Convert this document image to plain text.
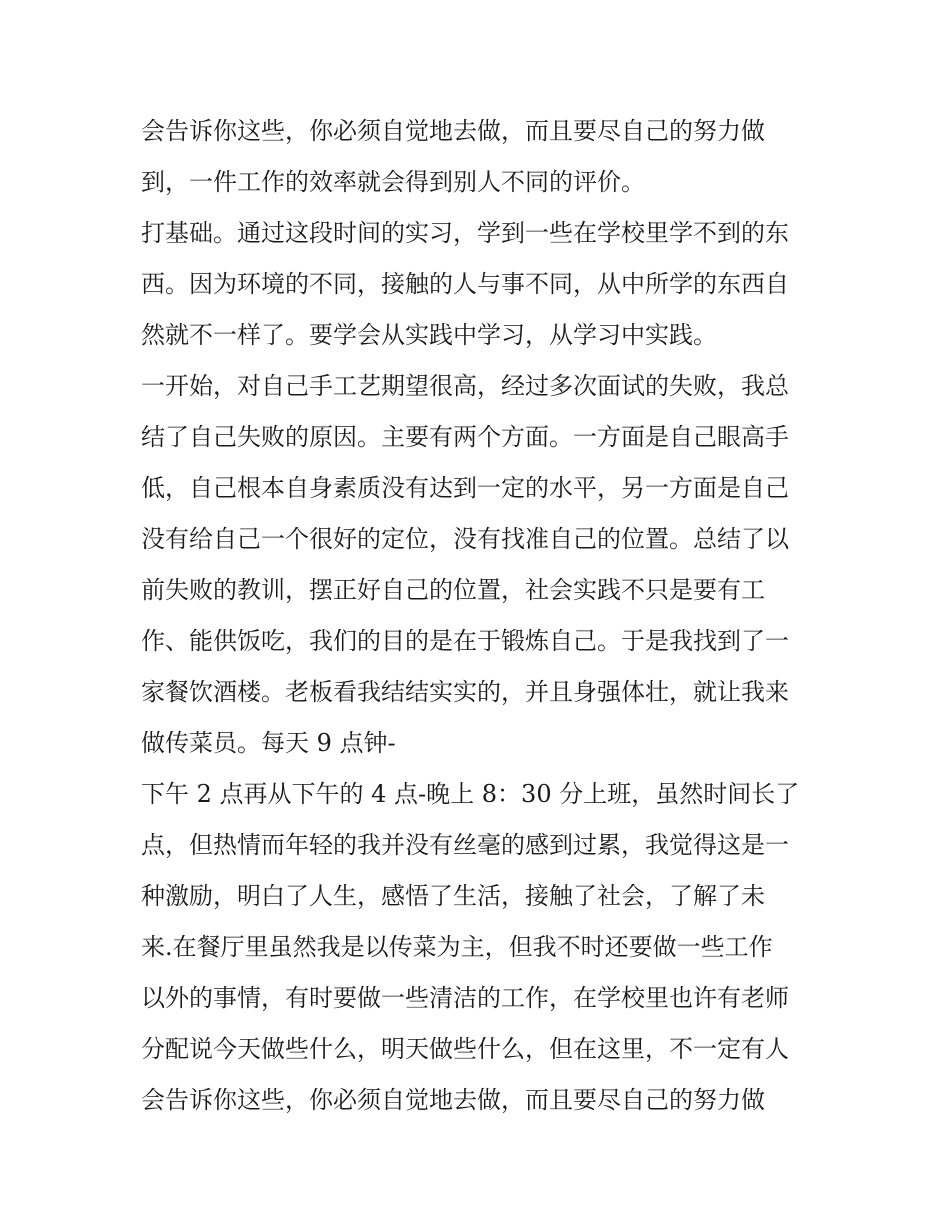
会告诉你这些，你必须自觉地去做，而且要尽自己的努力做
到，一件工作的效率就会得到别人不同的评价。
打基础。通过这段时间的实习，学到一些在学校里学不到的东
西。因为环境的不同，接触的人与事不同，从中所学的东西自
然就不一样了。要学会从实践中学习，从学习中实践。
一开始，对自己手工艺期望很高，经过多次面试的失败，我总
结了自己失败的原因。主要有两个方面。一方面是自己眼高手
低，自己根本自身素质没有达到一定的水平，另一方面是自己
没有给自己一个很好的定位，没有找准自己的位置。总结了以
前失败的教训，摆正好自己的位置，社会实践不只是要有工
作、能供饭吃，我们的目的是在于锻炼自己。于是我找到了一
家餐饮酒楼。老板看我结结实实的，并且身强体壮，就让我来
做传菜员。每天 9 点钟-
下午 2 点再从下午的 4 点-晚上 8：30 分上班，虽然时间长了
点，但热情而年轻的我并没有丝毫的感到过累，我觉得这是一
种激励，明白了人生，感悟了生活，接触了社会，了解了未
来.在餐厅里虽然我是以传菜为主，但我不时还要做一些工作
以外的事情，有时要做一些清洁的工作，在学校里也许有老师
分配说今天做些什么，明天做些什么，但在这里，不一定有人
会告诉你这些，你必须自觉地去做，而且要尽自己的努力做
